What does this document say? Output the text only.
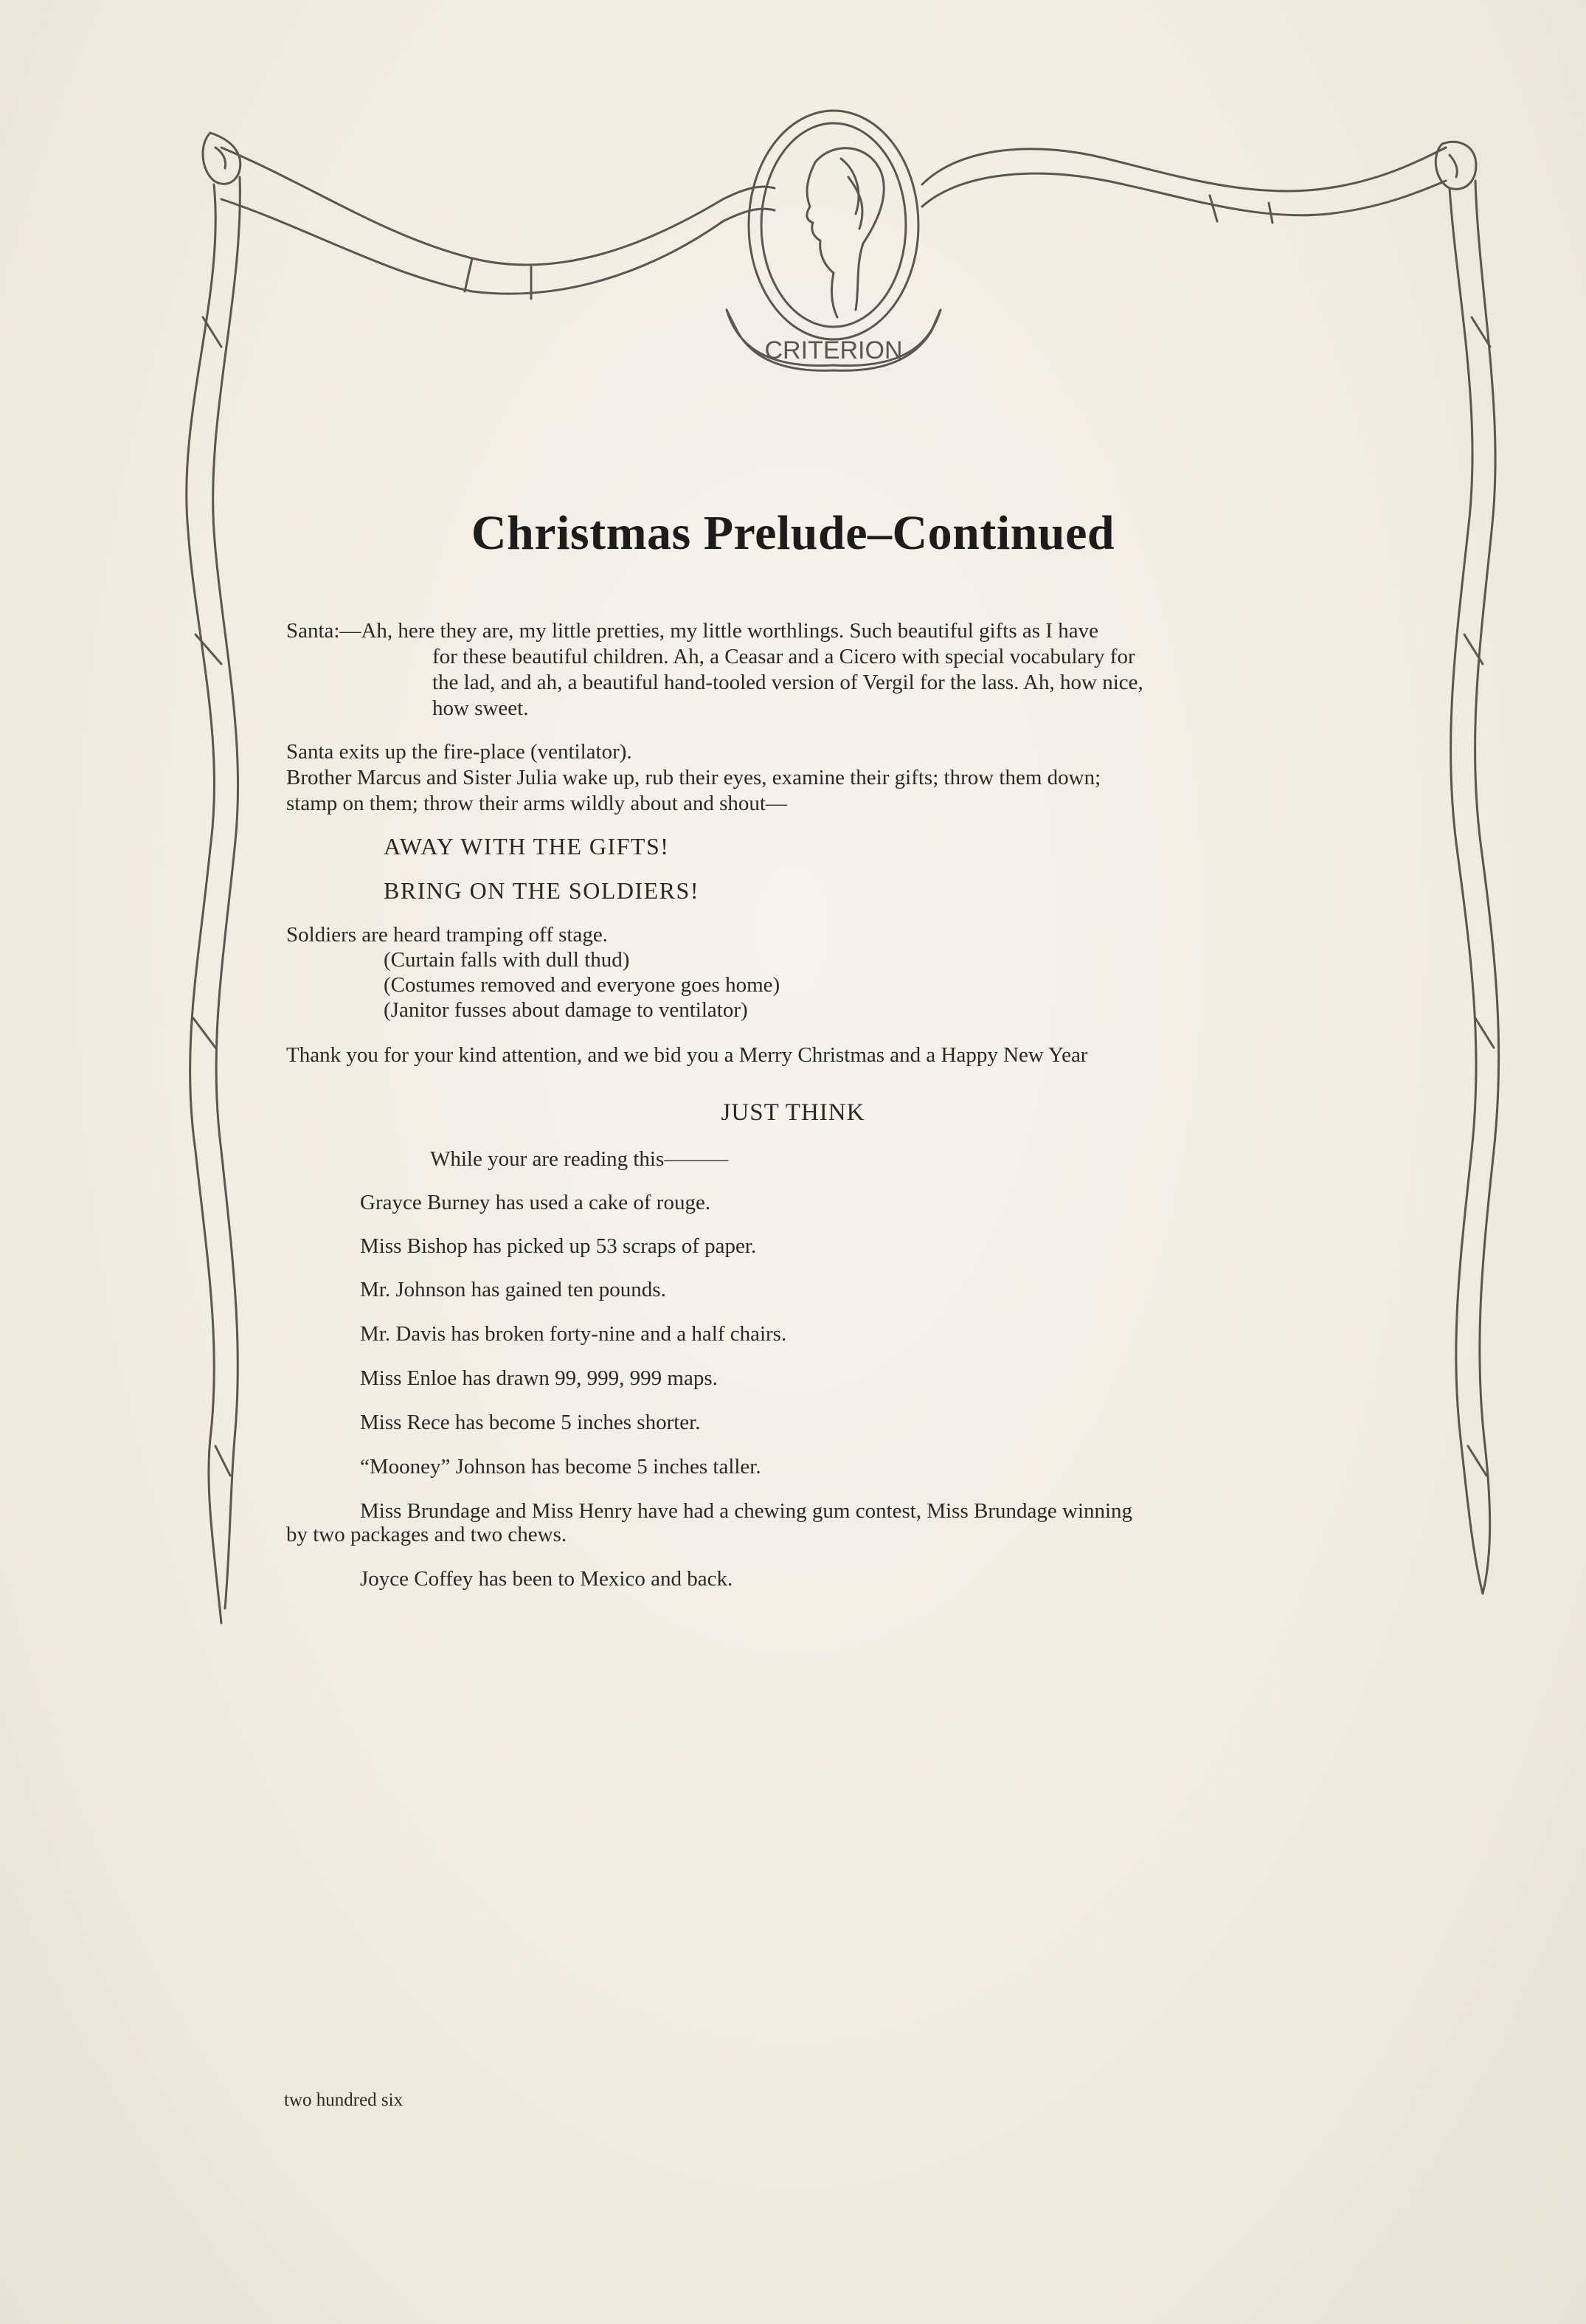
CRITERION
Christmas Prelude–Continued
Santa:—Ah, here they are, my little pretties, my little worthlings. Such beautiful gifts as I have
for these beautiful children. Ah, a Ceasar and a Cicero with special vocabulary for
the lad, and ah, a beautiful hand-tooled version of Vergil for the lass. Ah, how nice,
how sweet.
Santa exits up the fire-place (ventilator).
Brother Marcus and Sister Julia wake up, rub their eyes, examine their gifts; throw them down;
stamp on them; throw their arms wildly about and shout—
AWAY WITH THE GIFTS!
BRING ON THE SOLDIERS!
Soldiers are heard tramping off stage.
(Curtain falls with dull thud)
(Costumes removed and everyone goes home)
(Janitor fusses about damage to ventilator)
Thank you for your kind attention, and we bid you a Merry Christmas and a Happy New Year
JUST THINK
While your are reading this———
Grayce Burney has used a cake of rouge.
Miss Bishop has picked up 53 scraps of paper.
Mr. Johnson has gained ten pounds.
Mr. Davis has broken forty-nine and a half chairs.
Miss Enloe has drawn 99, 999, 999 maps.
Miss Rece has become 5 inches shorter.
“Mooney” Johnson has become 5 inches taller.
Miss Brundage and Miss Henry have had a chewing gum contest, Miss Brundage winning
by two packages and two chews.
Joyce Coffey has been to Mexico and back.
two hundred six
